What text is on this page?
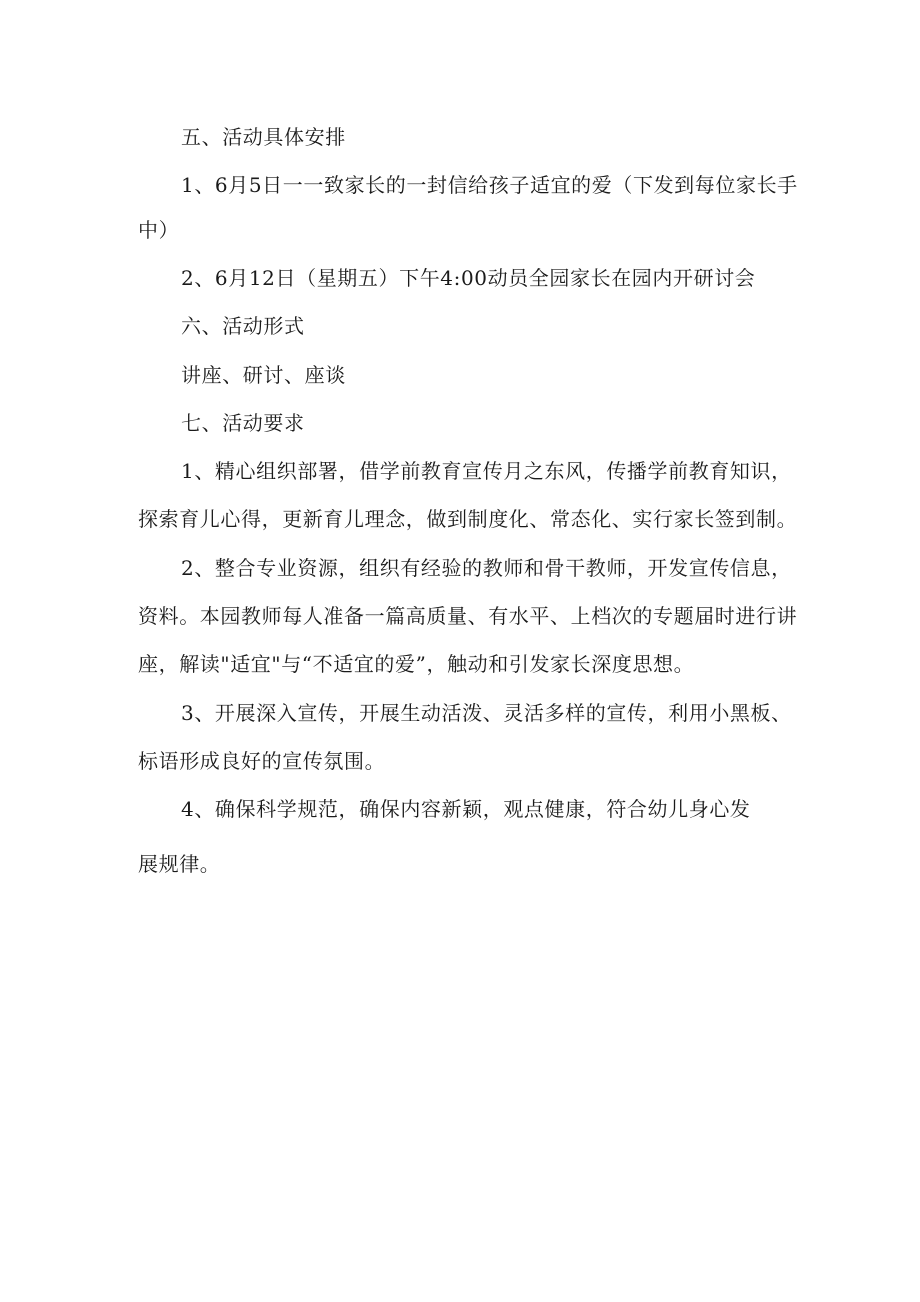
五、活动具体安排
1、6月5日一一致家长的一封信给孩子适宜的爱（下发到每位家长手
中）
2、6月12日（星期五）下午4:00动员全园家长在园内开研讨会
六、活动形式
讲座、研讨、座谈
七、活动要求
1、精心组织部署，借学前教育宣传月之东风，传播学前教育知识，
探索育儿心得，更新育儿理念，做到制度化、常态化、实行家长签到制。
2、整合专业资源，组织有经验的教师和骨干教师，开发宣传信息，
资料。本园教师每人准备一篇高质量、有水平、上档次的专题届时进行讲
座，解读"适宜"与“不适宜的爱”，触动和引发家长深度思想。
3、开展深入宣传，开展生动活泼、灵活多样的宣传，利用小黑板、
标语形成良好的宣传氛围。
4、确保科学规范，确保内容新颖，观点健康，符合幼儿身心发
展规律。
